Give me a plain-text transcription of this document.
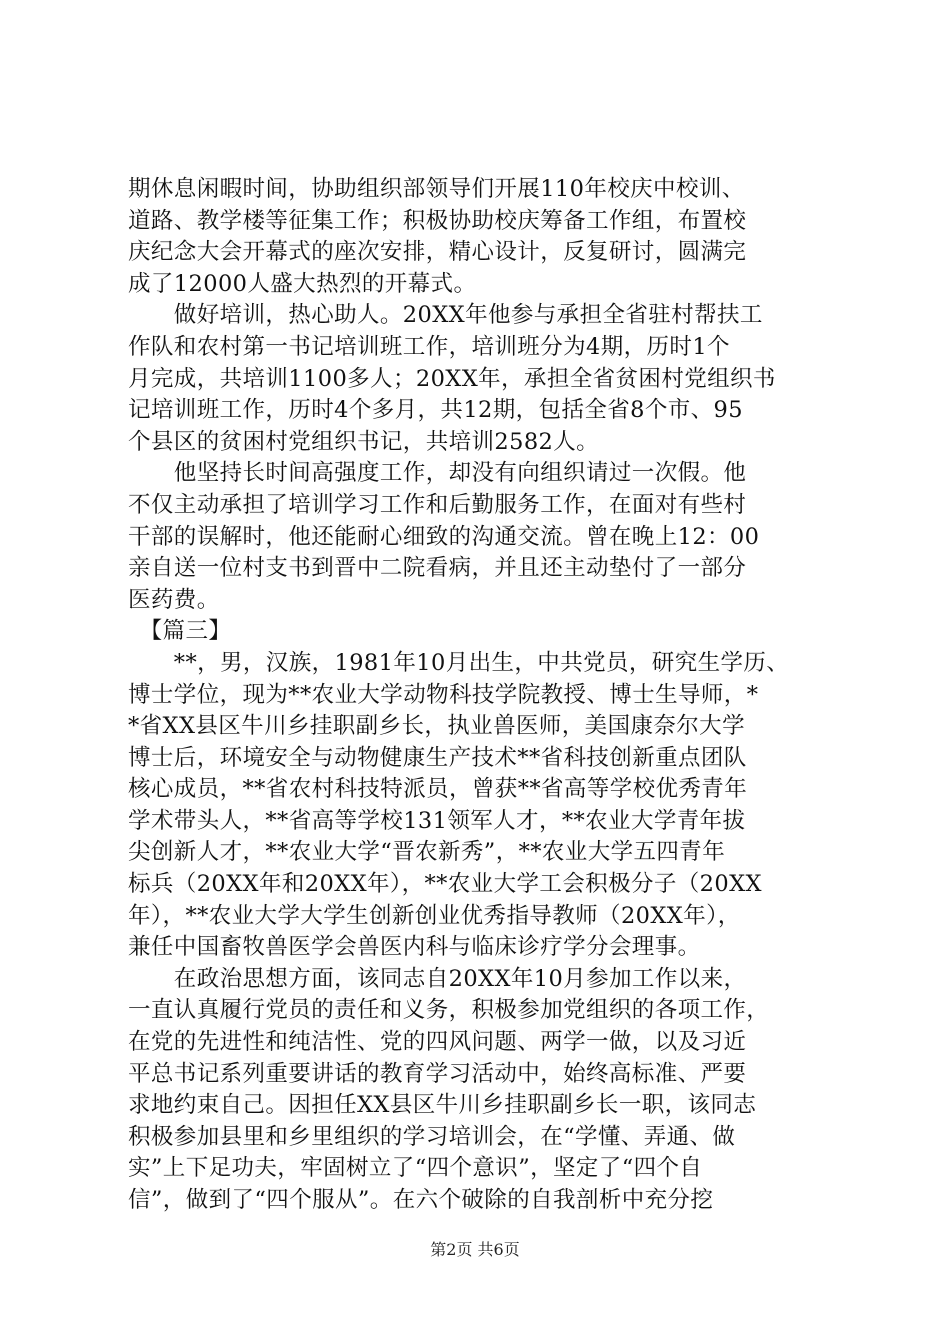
期休息闲暇时间，协助组织部领导们开展110年校庆中校训、
道路、教学楼等征集工作；积极协助校庆筹备工作组，布置校
庆纪念大会开幕式的座次安排，精心设计，反复研讨，圆满完
成了12000人盛大热烈的开幕式。
　　做好培训，热心助人。20XX年他参与承担全省驻村帮扶工
作队和农村第一书记培训班工作，培训班分为4期，历时1个
月完成，共培训1100多人；20XX年，承担全省贫困村党组织书
记培训班工作，历时4个多月，共12期，包括全省8个市、95
个县区的贫困村党组织书记，共培训2582人。
　　他坚持长时间高强度工作，却没有向组织请过一次假。他
不仅主动承担了培训学习工作和后勤服务工作，在面对有些村
干部的误解时，他还能耐心细致的沟通交流。曾在晚上12：00
亲自送一位村支书到晋中二院看病，并且还主动垫付了一部分
医药费。
　【篇三】
　　**，男，汉族，1981年10月出生，中共党员，研究生学历、
博士学位，现为**农业大学动物科技学院教授、博士生导师，*
*省XX县区牛川乡挂职副乡长，执业兽医师，美国康奈尔大学
博士后，环境安全与动物健康生产技术**省科技创新重点团队
核心成员，**省农村科技特派员，曾获**省高等学校优秀青年
学术带头人，**省高等学校131领军人才，**农业大学青年拔
尖创新人才，**农业大学“晋农新秀”，**农业大学五四青年
标兵（20XX年和20XX年），**农业大学工会积极分子（20XX
年），**农业大学大学生创新创业优秀指导教师（20XX年），
兼任中国畜牧兽医学会兽医内科与临床诊疗学分会理事。
　　在政治思想方面，该同志自20XX年10月参加工作以来，
一直认真履行党员的责任和义务，积极参加党组织的各项工作，
在党的先进性和纯洁性、党的四风问题、两学一做，以及习近
平总书记系列重要讲话的教育学习活动中，始终高标准、严要
求地约束自己。因担任XX县区牛川乡挂职副乡长一职，该同志
积极参加县里和乡里组织的学习培训会，在“学懂、弄通、做
实”上下足功夫，牢固树立了“四个意识”，坚定了“四个自
信”，做到了“四个服从”。在六个破除的自我剖析中充分挖
第2页 共6页
